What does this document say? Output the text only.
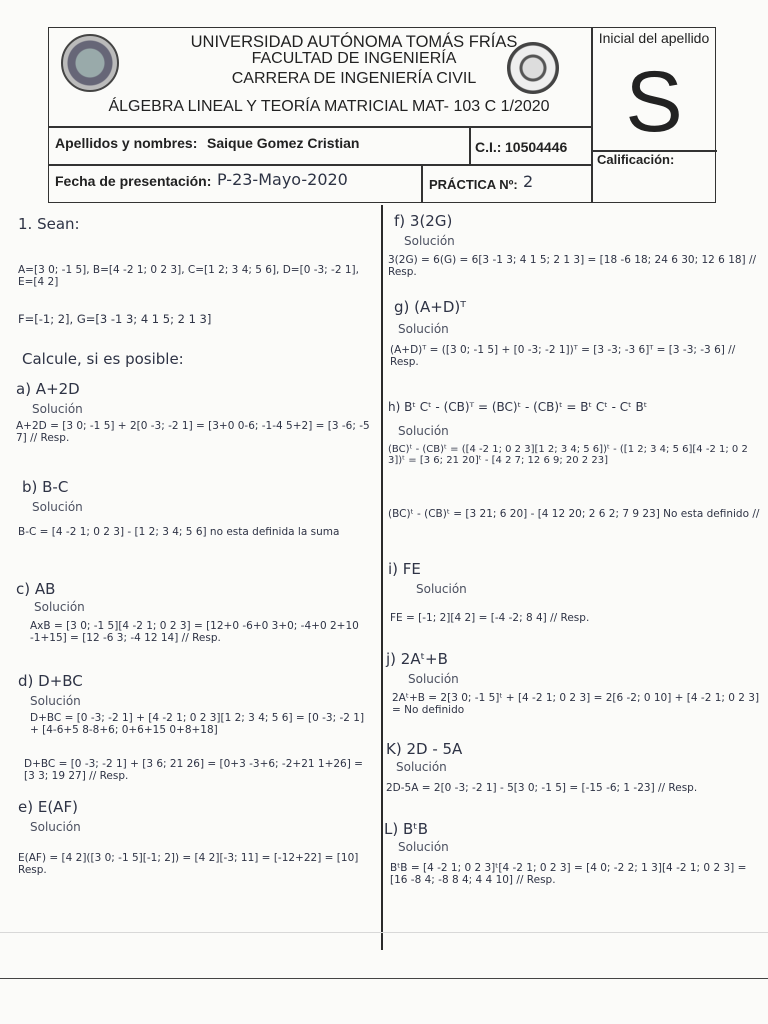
UNIVERSIDAD AUTÓNOMA TOMÁS FRÍAS
FACULTAD DE INGENIERÍA
CARRERA DE INGENIERÍA CIVIL
ÁLGEBRA LINEAL Y TEORÍA MATRICIAL MAT- 103 C 1/2020
Inicial del apellido
S
Apellidos y nombres: Saique Gomez Cristian	C.I.: 10504446
Calificación:
Fecha de presentación: P-23-Mayo-2020	PRÁCTICA Nº: 2
1. Sean:
A=[3 0; -1 5], B=[4 -2 1; 0 2 3], C=[1 2; 3 4; 5 6], D=[0 -3; -2 1], E=[4 2]
F=[-1; 2], G=[3 -1 3; 4 1 5; 2 1 3]
Calcule, si es posible:
a) A+2D
Solución
A+2D = [3 0; -1 5] + 2[0 -3; -2 1] = [3+0 0-6; -1-4 5+2] = [3 -6; -5 7] // Resp.
b) B-C
Solución
B-C = [4 -2 1; 0 2 3] - [1 2; 3 4; 5 6] no esta definida la suma
c) AB
Solución
AxB = [3 0; -1 5][4 -2 1; 0 2 3] = [12+0 -6+0 3+0; -4+0 2+10 -1+15] = [12 -6 3; -4 12 14] // Resp.
d) D+BC
Solución
D+BC = [0 -3; -2 1] + [4 -2 1; 0 2 3][1 2; 3 4; 5 6] = [0 -3; -2 1] + [4-6+5 8-8+6; 0+6+15 0+8+18]
D+BC = [0 -3; -2 1] + [3 6; 21 26] = [0+3 -3+6; -2+21 1+26] = [3 3; 19 27] // Resp.
e) E(AF)
Solución
E(AF) = [4 2]([3 0; -1 5][-1; 2]) = [4 2][-3; 11] = [-12+22] = [10] Resp.
f) 3(2G)
Solución
3(2G) = 6(G) = 6[3 -1 3; 4 1 5; 2 1 3] = [18 -6 18; 24 6 30; 12 6 18] // Resp.
g) (A+D)ᵀ
Solución
(A+D)ᵀ = ([3 0; -1 5] + [0 -3; -2 1])ᵀ = [3 -3; -3 6]ᵀ = [3 -3; -3 6] // Resp.
h) Bᵗ Cᵗ - (CB)ᵀ = (BC)ᵗ - (CB)ᵗ = Bᵗ Cᵗ - Cᵗ Bᵗ
Solución
(BC)ᵗ - (CB)ᵗ = ([4 -2 1; 0 2 3][1 2; 3 4; 5 6])ᵗ - ([1 2; 3 4; 5 6][4 -2 1; 0 2 3])ᵗ = [3 6; 21 20]ᵗ - [4 2 7; 12 6 9; 20 2 23]
(BC)ᵗ - (CB)ᵗ = [3 21; 6 20] - [4 12 20; 2 6 2; 7 9 23] No esta definido //
i) FE
Solución
FE = [-1; 2][4 2] = [-4 -2; 8 4] // Resp.
j) 2Aᵗ+B
Solución
2Aᵗ+B = 2[3 0; -1 5]ᵗ + [4 -2 1; 0 2 3] = 2[6 -2; 0 10] + [4 -2 1; 0 2 3] = No definido
K) 2D - 5A
Solución
2D-5A = 2[0 -3; -2 1] - 5[3 0; -1 5] = [-15 -6; 1 -23] // Resp.
L) BᵗB
Solución
BᵗB = [4 -2 1; 0 2 3]ᵗ[4 -2 1; 0 2 3] = [4 0; -2 2; 1 3][4 -2 1; 0 2 3] = [16 -8 4; -8 8 4; 4 4 10] // Resp.
